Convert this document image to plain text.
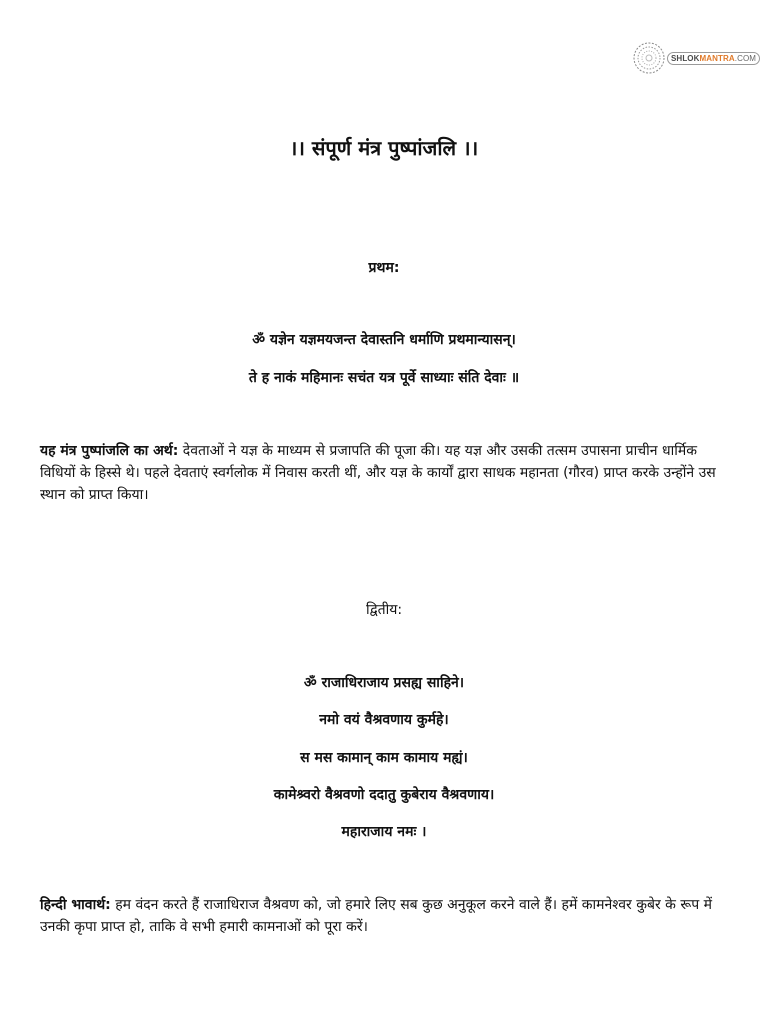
SHLOKMANTRA.COM
।। संपूर्ण मंत्र पुष्पांजलि ।।

प्रथम:

ॐ यज्ञेन यज्ञमयजन्त देवास्तनि धर्माणि प्रथमान्यासन्।

ते ह नाकं महिमानः सचंत यत्र पूर्वे साध्याः संति देवाः ॥

यह मंत्र पुष्पांजलि का अर्थ: देवताओं ने यज्ञ के माध्यम से प्रजापति की पूजा की। यह यज्ञ और उसकी तत्सम उपासना प्राचीन धार्मिक विधियों के हिस्से थे। पहले देवताएं स्वर्गलोक में निवास करती थीं, और यज्ञ के कार्यों द्वारा साधक महानता (गौरव) प्राप्त करके उन्होंने उस स्थान को प्राप्त किया।

द्वितीय:

ॐ राजाधिराजाय प्रसह्य साहिने।

नमो वयं वैश्रवणाय कुर्महे।

स मस कामान् काम कामाय मह्यं।

कामेश्र्वरो वैश्रवणो ददातु कुबेराय वैश्रवणाय।

महाराजाय नमः ।

हिन्दी भावार्थ: हम वंदन करते हैं राजाधिराज वैश्रवण को, जो हमारे लिए सब कुछ अनुकूल करने वाले हैं। हमें कामनेश्वर कुबेर के रूप में उनकी कृपा प्राप्त हो, ताकि वे सभी हमारी कामनाओं को पूरा करें।
